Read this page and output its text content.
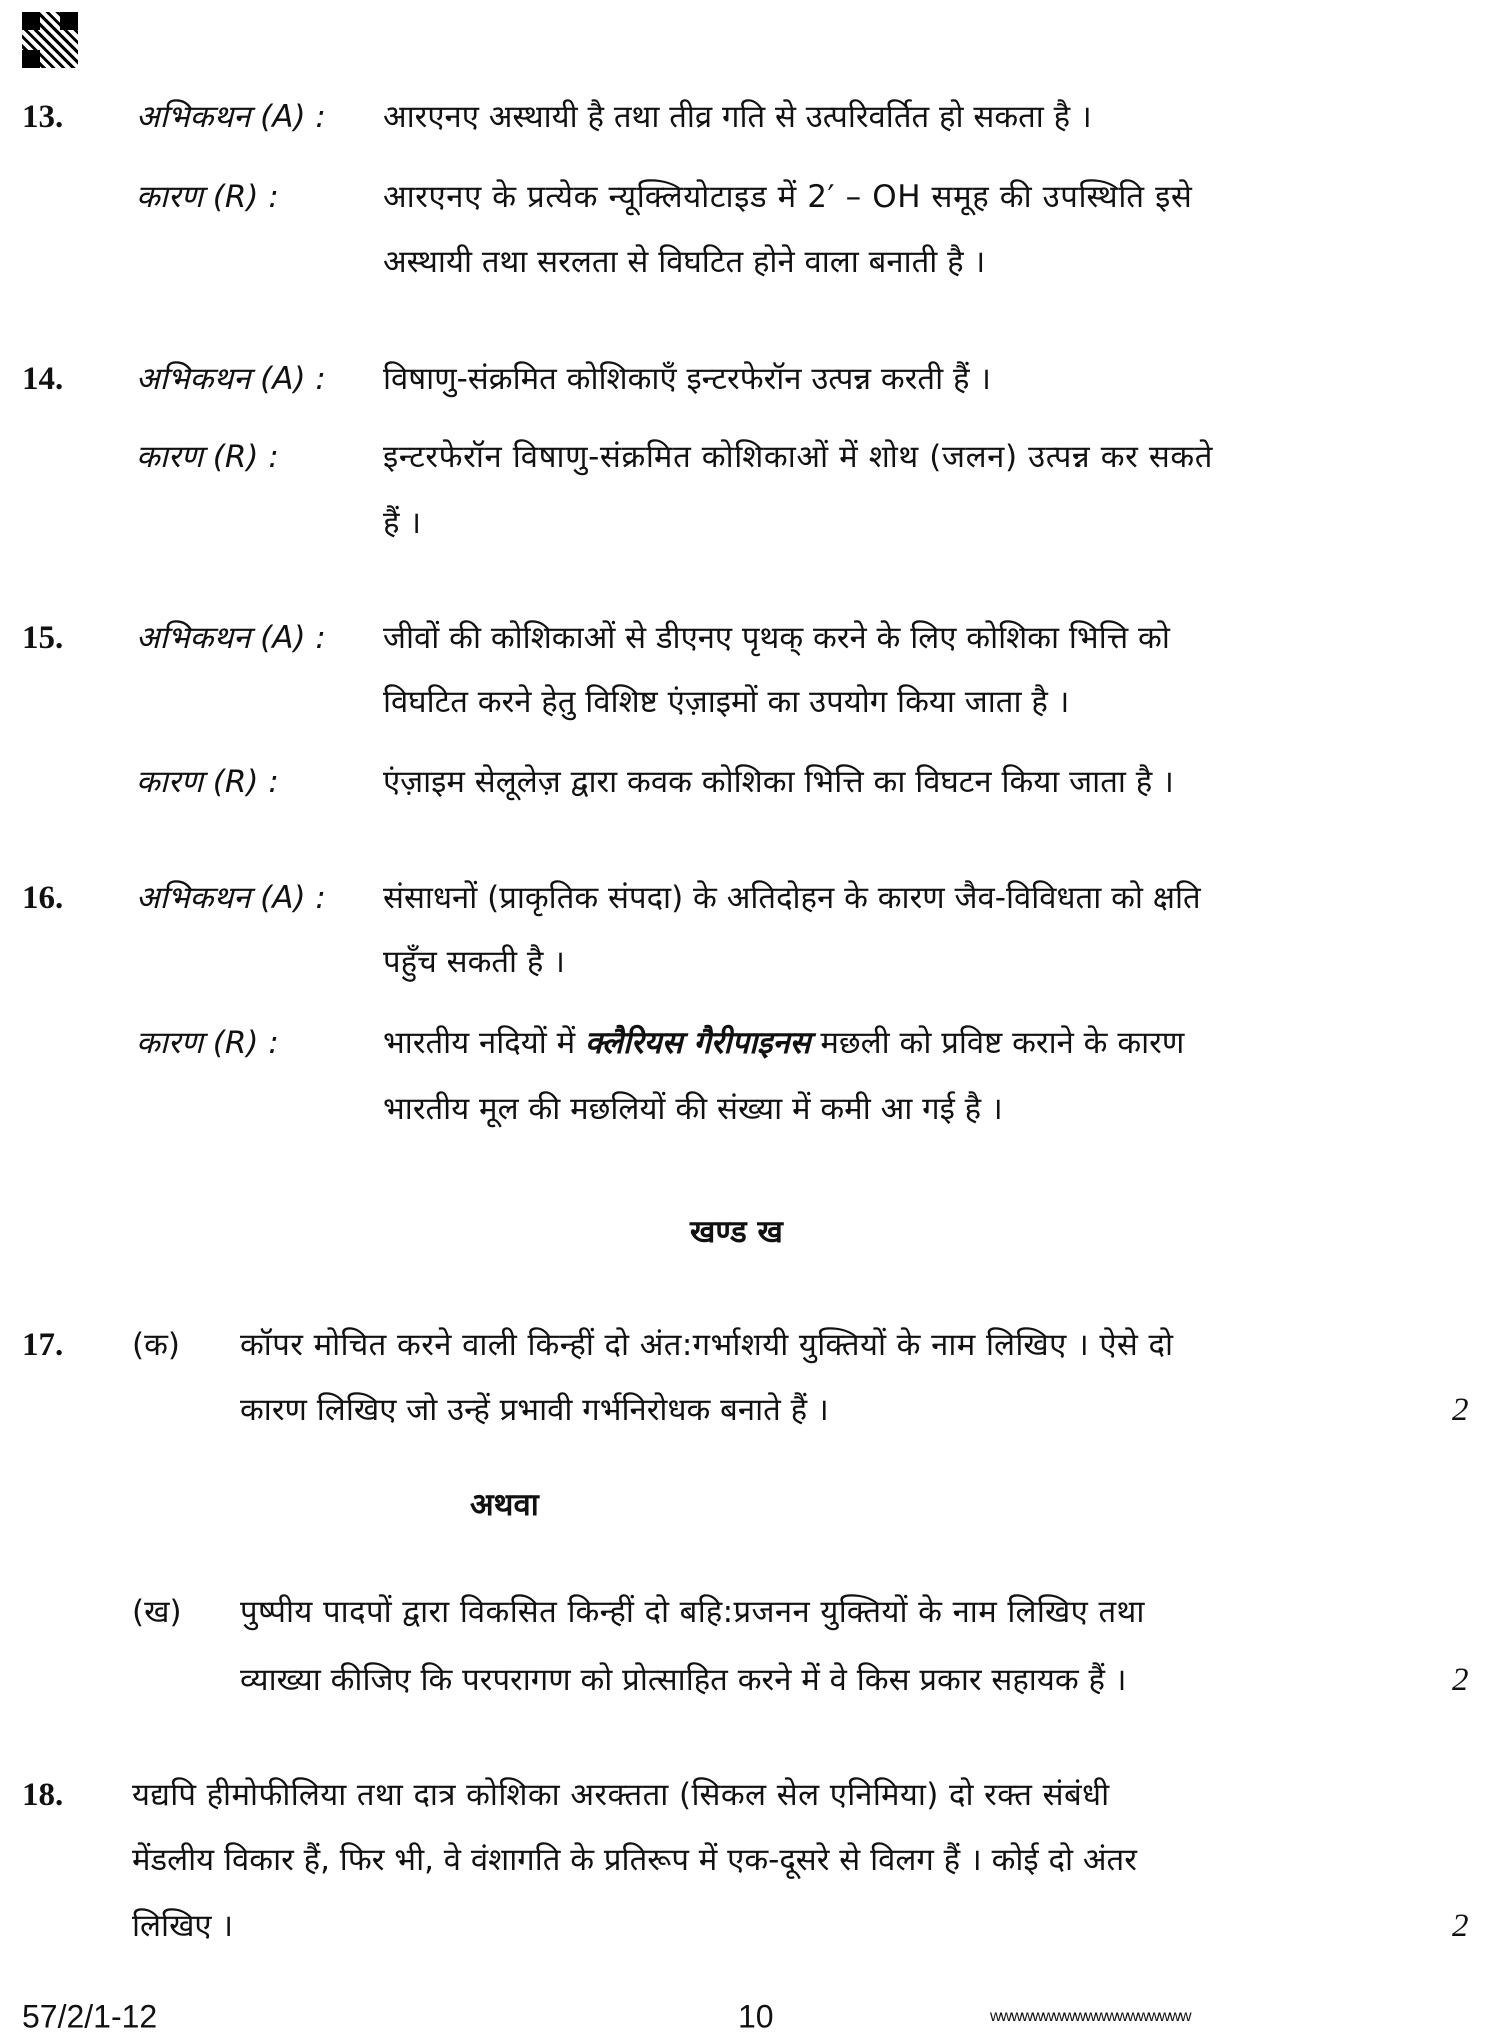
13. अभिकथन (A) : आरएनए अस्थायी है तथा तीव्र गति से उत्परिवर्तित हो सकता है ।
कारण (R) :	आरएनए के प्रत्येक न्यूक्लियोटाइड में 2′ – OH समूह की उपस्थिति इसे
अस्थायी तथा सरलता से विघटित होने वाला बनाती है ।
14. अभिकथन (A) : विषाणु-संक्रमित कोशिकाएँ इन्टरफेरॉन उत्पन्न करती हैं ।
कारण (R) :	इन्टरफेरॉन विषाणु-संक्रमित कोशिकाओं में शोथ (जलन) उत्पन्न कर सकते
हैं ।
15. अभिकथन (A) : जीवों की कोशिकाओं से डीएनए पृथक् करने के लिए कोशिका भित्ति को
विघटित करने हेतु विशिष्ट एंज़ाइमों का उपयोग किया जाता है ।
कारण (R) :	एंज़ाइम सेलूलेज़ द्वारा कवक कोशिका भित्ति का विघटन किया जाता है ।
16. अभिकथन (A) : संसाधनों (प्राकृतिक संपदा) के अतिदोहन के कारण जैव-विविधता को क्षति
पहुँच सकती है ।
कारण (R) :	भारतीय नदियों में क्लैरियस गैरीपाइनस मछली को प्रविष्ट कराने के कारण
भारतीय मूल की मछलियों की संख्या में कमी आ गई है ।
खण्ड ख
17. (क) कॉपर मोचित करने वाली किन्हीं दो अंत:गर्भाशयी युक्तियों के नाम लिखिए । ऐसे दो
कारण लिखिए जो उन्हें प्रभावी गर्भनिरोधक बनाते हैं ।	2
अथवा
(ख) पुष्पीय पादपों द्वारा विकसित किन्हीं दो बहि:प्रजनन युक्तियों के नाम लिखिए तथा
व्याख्या कीजिए कि परपरागण को प्रोत्साहित करने में वे किस प्रकार सहायक हैं ।	2
18. यद्यपि हीमोफीलिया तथा दात्र कोशिका अरक्तता (सिकल सेल एनिमिया) दो रक्त संबंधी
मेंडलीय विकार हैं, फिर भी, वे वंशागति के प्रतिरूप में एक-दूसरे से विलग हैं । कोई दो अंतर
लिखिए ।	2
57/2/1-12	10	wwwwwwwwwwwwwwwwwww
